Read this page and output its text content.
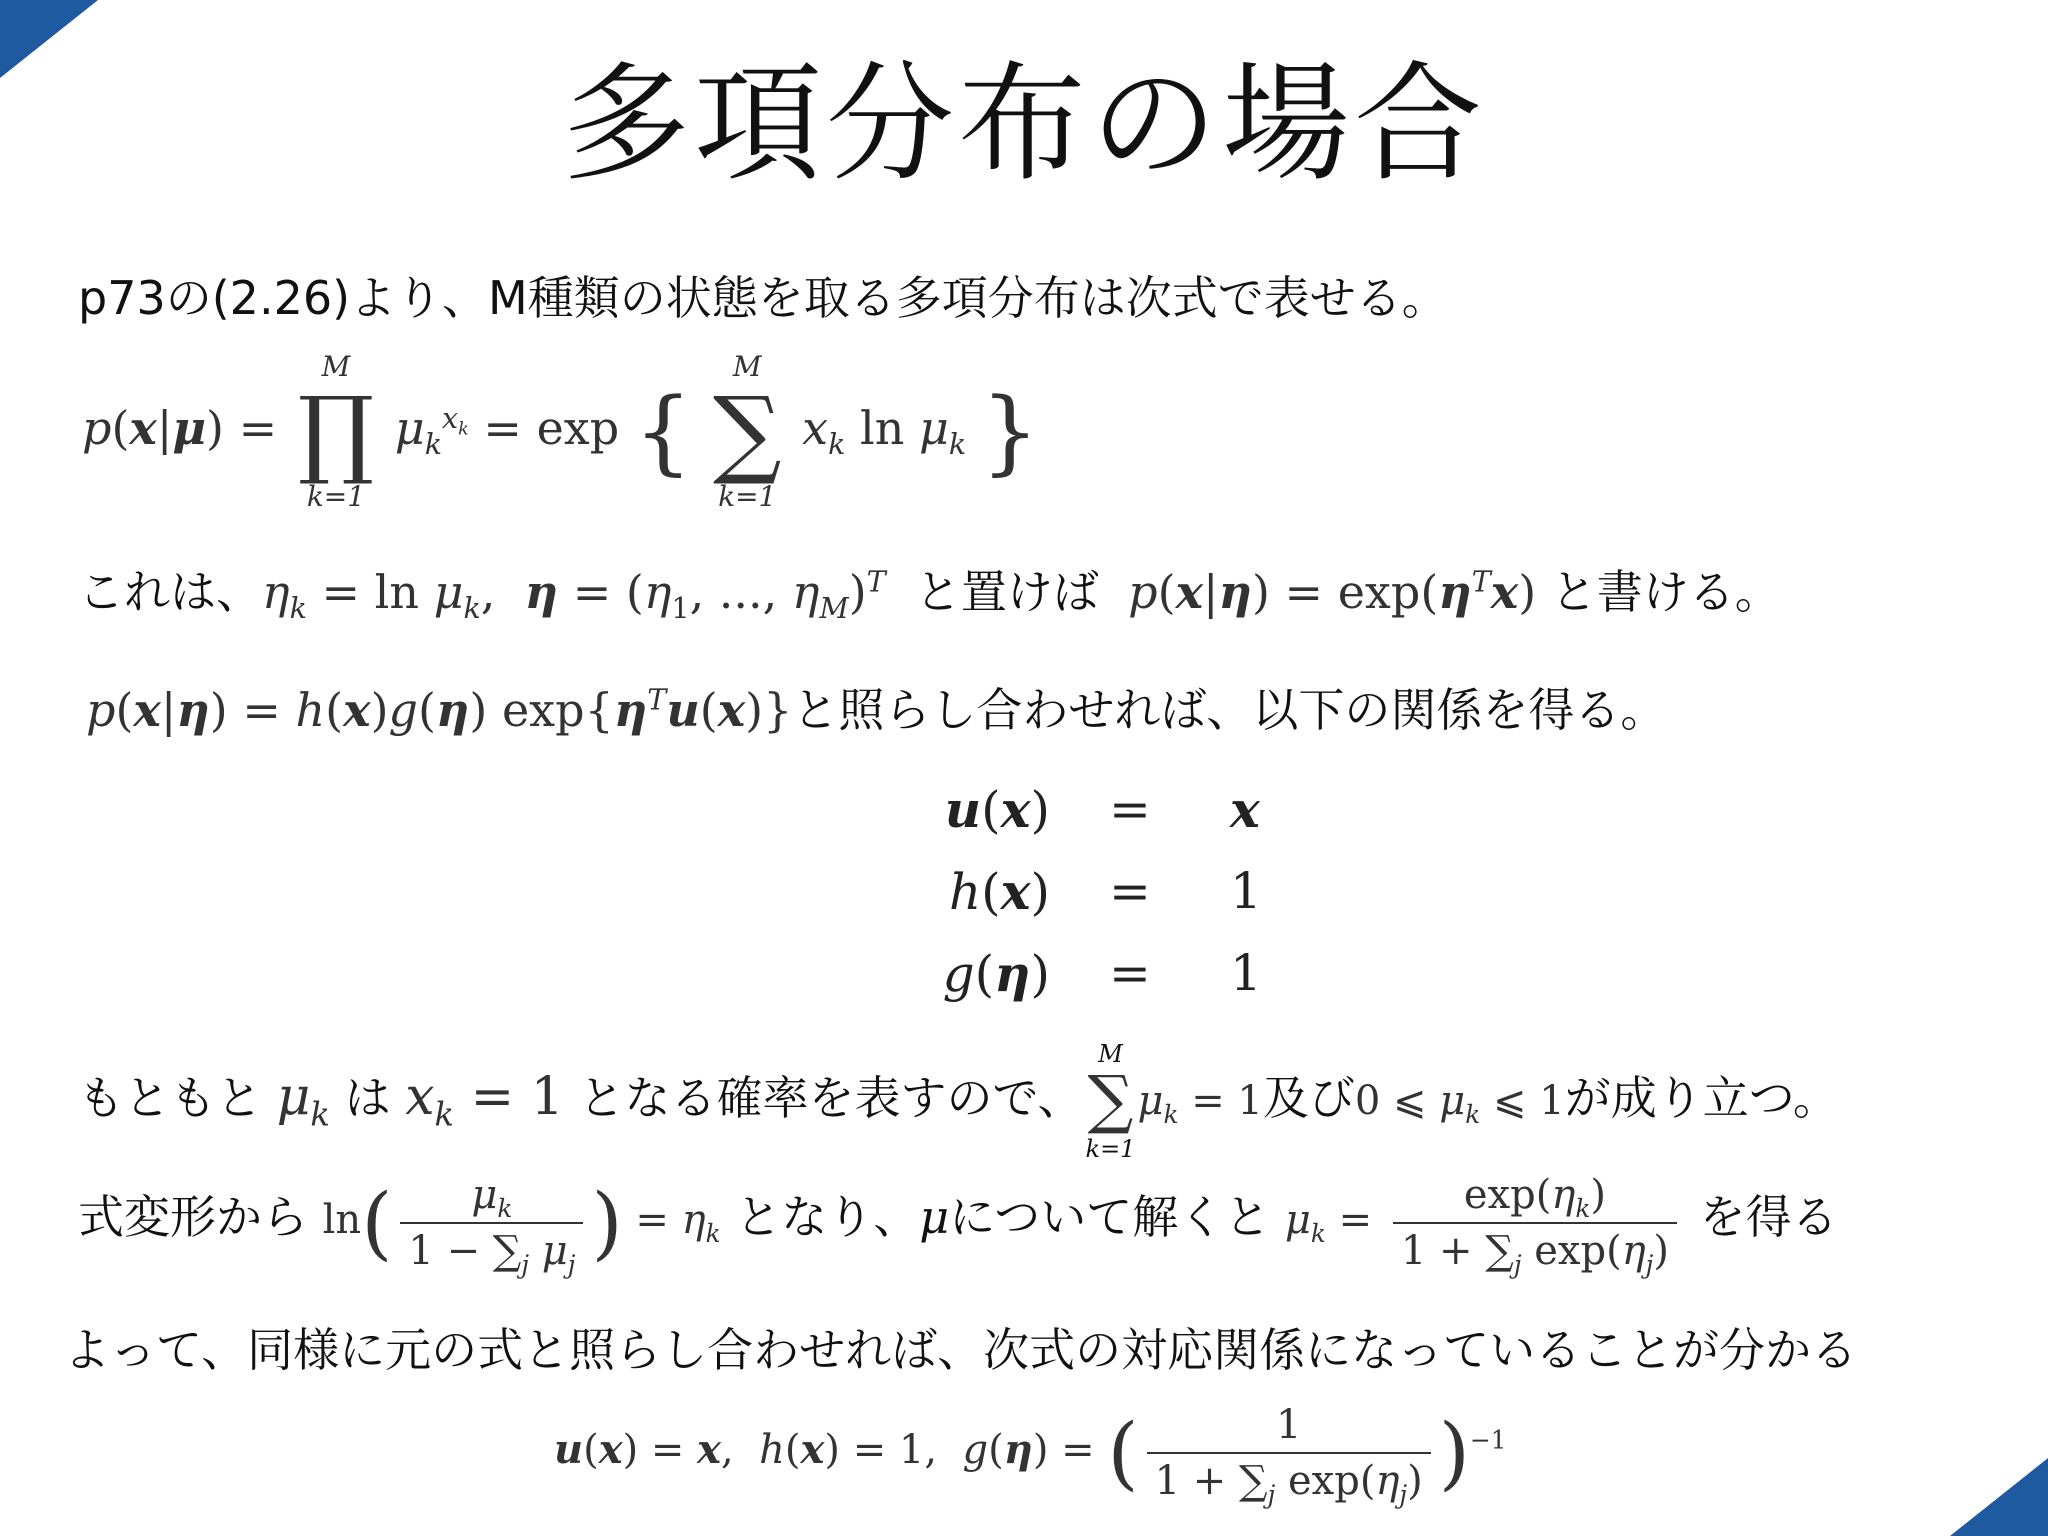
多項分布の場合
p73の(2.26)より、M種類の状態を取る多項分布は次式で表せる。
p(x|μ) =
M
∏
k=1
$\mu_k^{x_k} = \exp$ {
M
∑
k=1
$x_k$ $\ln \mu_k$ }
これは、$\eta_k = \ln \mu_k$,  $\eta = (\eta_1$, ..., $\eta_M)^T$ と置けば $p(x|\eta) = \exp(\eta^Tx)$ と書ける。
p(x|η) = h(x)g(η) $\exp\{\eta^Tu(x)\}$と照らし合わせれば、以下の関係を得る。
u(x)	=	x
h(x)	=	1
g(η)	=	1
もともと $\mu_k$ は $x_k = 1$ となる確率を表すので、
M
∑
k=1
$\mu_k = 1$及び0 ⩽ $\mu_k$ ⩽ 1が成り立つ。
式変形から $\ln( \frac{\mu_k}{1 - \sum_j \mu_j}$ ) = $\eta_k$ となり、μについて解くと $\mu_k = \frac{\exp(\eta_k)}{1 + \sum_j \exp(\eta_j)}$ を得る
よって、同様に元の式と照らし合わせれば、次式の対応関係になっていることが分かる
u(x) = x,  h(x) = 1,  g(η) = ( $\frac{1}{1 + \sum_j \exp(\eta_j)} )^{-1}$
